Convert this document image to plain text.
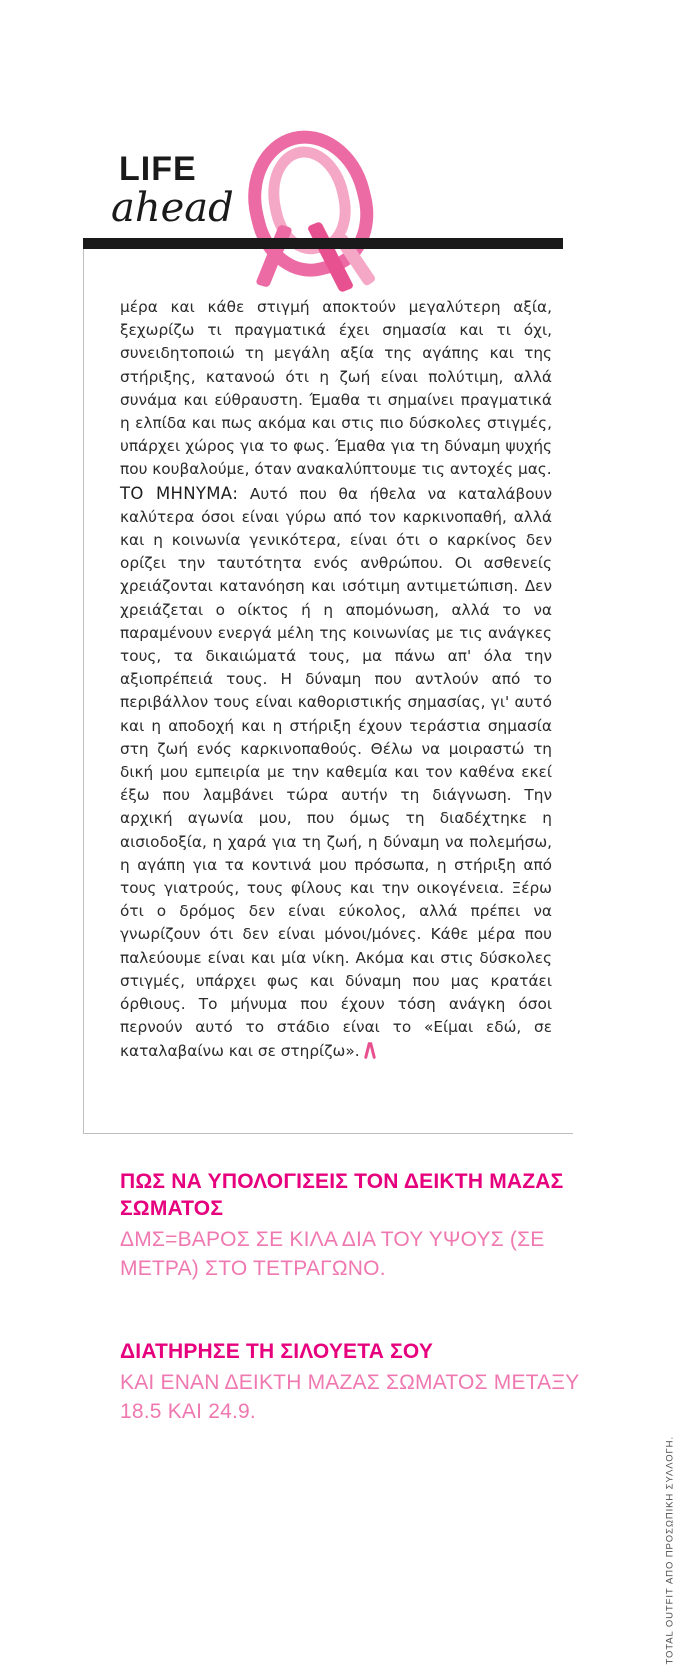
LIFE
ahead

μέρα και κάθε στιγμή αποκτούν μεγαλύτερη αξία, ξεχωρίζω τι πραγματικά έχει σημασία και τι όχι, συνειδητοποιώ τη μεγάλη αξία της αγάπης και της στήριξης, κατανοώ ότι η ζωή είναι πολύτιμη, αλλά συνάμα και εύθραυστη. Έμαθα τι σημαίνει πραγματικά η ελπίδα και πως ακόμα και στις πιο δύσκολες στιγμές, υπάρχει χώρος για το φως. Έμαθα για τη δύναμη ψυχής που κουβαλούμε, όταν ανακαλύπτουμε τις αντοχές μας.

ΤΟ ΜΗΝΥΜΑ: Αυτό που θα ήθελα να καταλάβουν καλύτερα όσοι είναι γύρω από τον καρκινοπαθή, αλλά και η κοινωνία γενικότερα, είναι ότι ο καρκίνος δεν ορίζει την ταυτότητα ενός ανθρώπου. Οι ασθενείς χρειάζονται κατανόηση και ισότιμη αντιμετώπιση. Δεν χρειάζεται ο οίκτος ή η απομόνωση, αλλά το να παραμένουν ενεργά μέλη της κοινωνίας με τις ανάγκες τους, τα δικαιώματά τους, μα πάνω απ' όλα την αξιοπρέπειά τους. Η δύναμη που αντλούν από το περιβάλλον τους είναι καθοριστικής σημασίας, γι' αυτό και η αποδοχή και η στήριξη έχουν τεράστια σημασία στη ζωή ενός καρκινοπαθούς. Θέλω να μοιραστώ τη δική μου εμπειρία με την καθεμία και τον καθένα εκεί έξω που λαμβάνει τώρα αυτήν τη διάγνωση. Την αρχική αγωνία μου, που όμως τη διαδέχτηκε η αισιοδοξία, η χαρά για τη ζωή, η δύναμη να πολεμήσω, η αγάπη για τα κοντινά μου πρόσωπα, η στήριξη από τους γιατρούς, τους φίλους και την οικογένεια. Ξέρω ότι ο δρόμος δεν είναι εύκολος, αλλά πρέπει να γνωρίζουν ότι δεν είναι μόνοι/μόνες. Κάθε μέρα που παλεύουμε είναι και μία νίκη. Ακόμα και στις δύσκολες στιγμές, υπάρχει φως και δύναμη που μας κρατάει όρθιους. Το μήνυμα που έχουν τόση ανάγκη όσοι περνούν αυτό το στάδιο είναι το «Είμαι εδώ, σε καταλαβαίνω και σε στηρίζω».

ΠΩΣ ΝΑ ΥΠΟΛΟΓΙΣΕΙΣ ΤΟΝ ΔΕΙΚΤΗ ΜΑΖΑΣ ΣΩΜΑΤΟΣ

ΔΜΣ=ΒΑΡΟΣ ΣΕ ΚΙΛΑ ΔΙΑ ΤΟΥ ΥΨΟΥΣ (ΣΕ ΜΕΤΡΑ) ΣΤΟ ΤΕΤΡΑΓΩΝΟ.

ΔΙΑΤΗΡΗΣΕ ΤΗ ΣΙΛΟΥΕΤΑ ΣΟΥ

ΚΑΙ ΕΝΑΝ ΔΕΙΚΤΗ ΜΑΖΑΣ ΣΩΜΑΤΟΣ ΜΕΤΑΞΥ 18.5 ΚΑΙ 24.9.

TOTAL OUTFIT ΑΠΟ ΠΡΟΣΩΠΙΚΗ ΣΥΛΛΟΓΗ.
